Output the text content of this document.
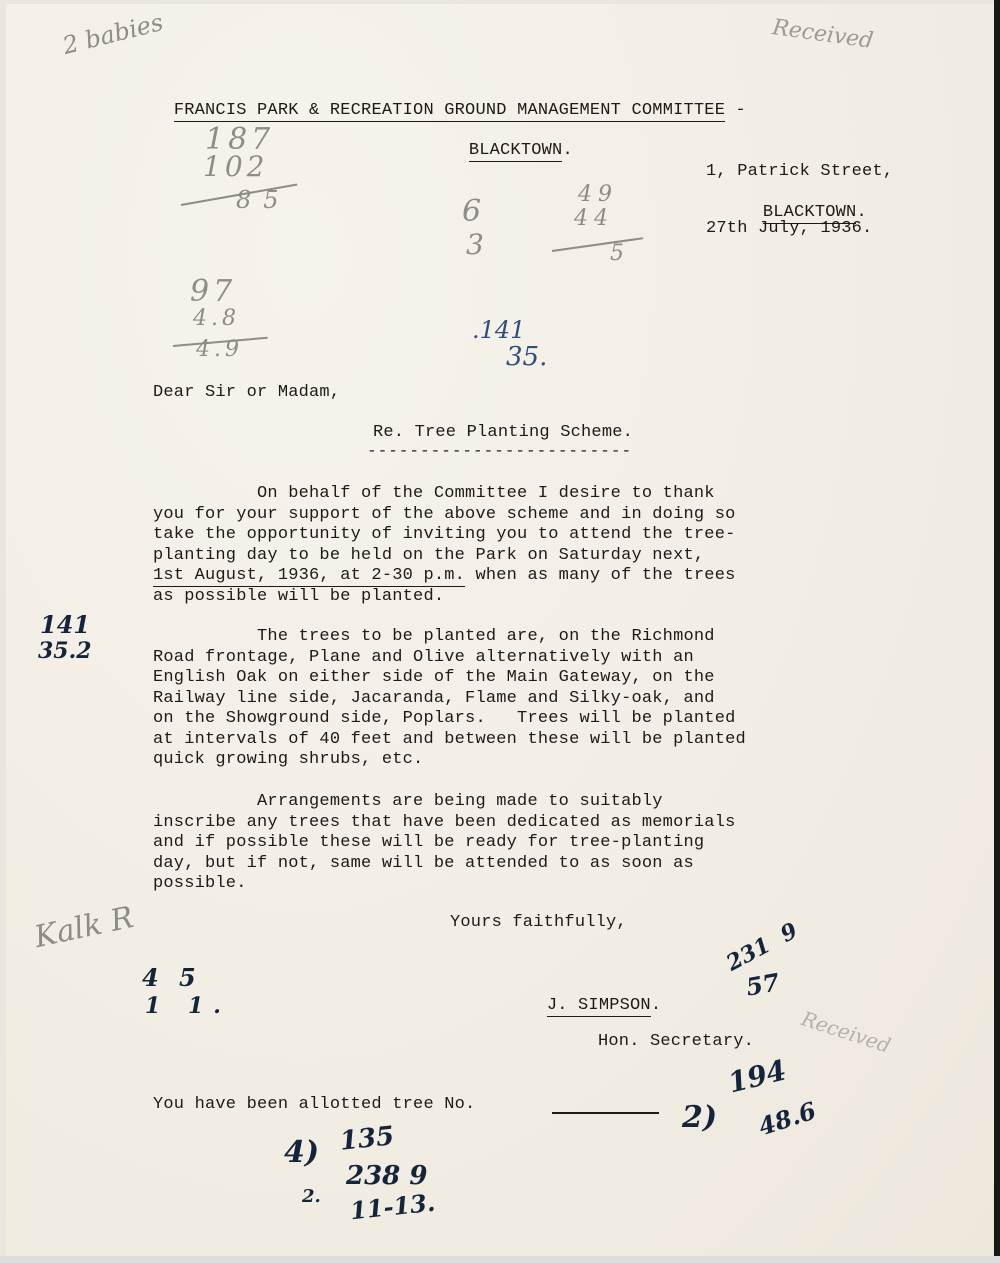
Received
Received

FRANCIS PARK & RECREATION GROUND MANAGEMENT COMMITTEE -

BLACKTOWN.

1, Patrick Street,

BLACKTOWN.

27th July, 1936.
Dear Sir or Madam,
Re. Tree Planting Scheme.
-------------------------
On behalf of the Committee I desire to thank
you for your support of the above scheme and in doing so
take the opportunity of inviting you to attend the tree-
planting day to be held on the Park on Saturday next,
1st August, 1936, at 2-30 p.m. when as many of the trees
as possible will be planted.
The trees to be planted are, on the Richmond
Road frontage, Plane and Olive alternatively with an
English Oak on either side of the Main Gateway, on the
Railway line side, Jacaranda, Flame and Silky-oak, and
on the Showground side, Poplars.   Trees will be planted
at intervals of 40 feet and between these will be planted
quick growing shrubs, etc.
Arrangements are being made to suitably
inscribe any trees that have been dedicated as memorials
and if possible these will be ready for tree-planting
day, but if not, same will be attended to as soon as
possible.
Yours faithfully,

J. SIMPSON.

Hon. Secretary.
You have been allotted tree No.
2 babies
187
102
85	6
3
49
44
5
97
4.8
4.9
.141
35.
141
35.2
Kalk R
4 5
1 1.
231  9
57
2)
194
48.6
4) 135
238 9
2. 11-13.
